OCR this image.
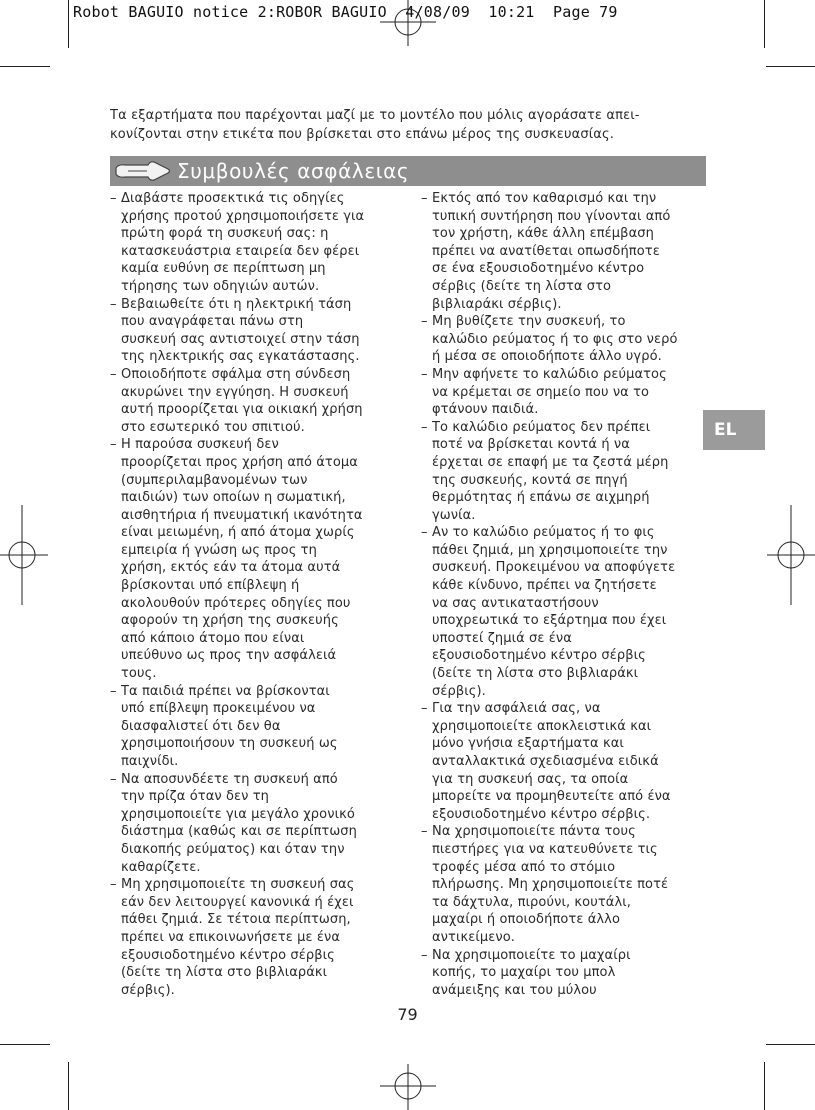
Robot BAGUIO notice 2:ROBOR BAGUIO  4/08/09  10:21  Page 79
Τα εξαρτήματα που παρέχονται μαζί με το μοντέλο που μόλις αγοράσατε απει-
κονίζονται στην ετικέτα που βρίσκεται στο επάνω μέρος της συσκευασίας.
Συμβουλές ασφάλειας
– Διαβάστε προσεκτικά τις οδηγίες
χρήσης προτού χρησιμοποιήσετε για
πρώτη φορά τη συσκευή σας: η
κατασκευάστρια εταιρεία δεν φέρει
καμία ευθύνη σε περίπτωση μη
τήρησης των οδηγιών αυτών.
– Βεβαιωθείτε ότι η ηλεκτρική τάση
που αναγράφεται πάνω στη
συσκευή σας αντιστοιχεί στην τάση
της ηλεκτρικής σας εγκατάστασης.
– Οποιοδήποτε σφάλμα στη σύνδεση
ακυρώνει την εγγύηση. Η συσκευή
αυτή προορίζεται για οικιακή χρήση
στο εσωτερικό του σπιτιού.
– Η παρούσα συσκευή δεν
προορίζεται προς χρήση από άτομα
(συμπεριλαμβανομένων των
παιδιών) των οποίων η σωματική,
αισθητήρια ή πνευματική ικανότητα
είναι μειωμένη, ή από άτομα χωρίς
εμπειρία ή γνώση ως προς τη
χρήση, εκτός εάν τα άτομα αυτά
βρίσκονται υπό επίβλεψη ή
ακολουθούν πρότερες οδηγίες που
αφορούν τη χρήση της συσκευής
από κάποιο άτομο που είναι
υπεύθυνο ως προς την ασφάλειά
τους.
– Τα παιδιά πρέπει να βρίσκονται
υπό επίβλεψη προκειμένου να
διασφαλιστεί ότι δεν θα
χρησιμοποιήσουν τη συσκευή ως
παιχνίδι.
– Να αποσυνδέετε τη συσκευή από
την πρίζα όταν δεν τη
χρησιμοποιείτε για μεγάλο χρονικό
διάστημα (καθώς και σε περίπτωση
διακοπής ρεύματος) και όταν την
καθαρίζετε.
– Μη χρησιμοποιείτε τη συσκευή σας
εάν δεν λειτουργεί κανονικά ή έχει
πάθει ζημιά. Σε τέτοια περίπτωση,
πρέπει να επικοινωνήσετε με ένα
εξουσιοδοτημένο κέντρο σέρβις
(δείτε τη λίστα στο βιβλιαράκι
σέρβις).
– Εκτός από τον καθαρισμό και την
τυπική συντήρηση που γίνονται από
τον χρήστη, κάθε άλλη επέμβαση
πρέπει να ανατίθεται οπωσδήποτε
σε ένα εξουσιοδοτημένο κέντρο
σέρβις (δείτε τη λίστα στο
βιβλιαράκι σέρβις).
– Μη βυθίζετε την συσκευή, το
καλώδιο ρεύματος ή το φις στο νερό
ή μέσα σε οποιοδήποτε άλλο υγρό.
– Μην αφήνετε το καλώδιο ρεύματος
να κρέμεται σε σημείο που να το
φτάνουν παιδιά.
– Το καλώδιο ρεύματος δεν πρέπει
ποτέ να βρίσκεται κοντά ή να
έρχεται σε επαφή με τα ζεστά μέρη
της συσκευής, κοντά σε πηγή
θερμότητας ή επάνω σε αιχμηρή
γωνία.
– Αν το καλώδιο ρεύματος ή το φις
πάθει ζημιά, μη χρησιμοποιείτε την
συσκευή. Προκειμένου να αποφύγετε
κάθε κίνδυνο, πρέπει να ζητήσετε
να σας αντικαταστήσουν
υποχρεωτικά το εξάρτημα που έχει
υποστεί ζημιά σε ένα
εξουσιοδοτημένο κέντρο σέρβις
(δείτε τη λίστα στο βιβλιαράκι
σέρβις).
– Για την ασφάλειά σας, να
χρησιμοποιείτε αποκλειστικά και
μόνο γνήσια εξαρτήματα και
ανταλλακτικά σχεδιασμένα ειδικά
για τη συσκευή σας, τα οποία
μπορείτε να προμηθευτείτε από ένα
εξουσιοδοτημένο κέντρο σέρβις.
– Να χρησιμοποιείτε πάντα τους
πιεστήρες για να κατευθύνετε τις
τροφές μέσα από το στόμιο
πλήρωσης. Μη χρησιμοποιείτε ποτέ
τα δάχτυλα, πιρούνι, κουτάλι,
μαχαίρι ή οποιοδήποτε άλλο
αντικείμενο.
– Να χρησιμοποιείτε το μαχαίρι
κοπής, το μαχαίρι του μπολ
ανάμειξης και του μύλου
EL
79
